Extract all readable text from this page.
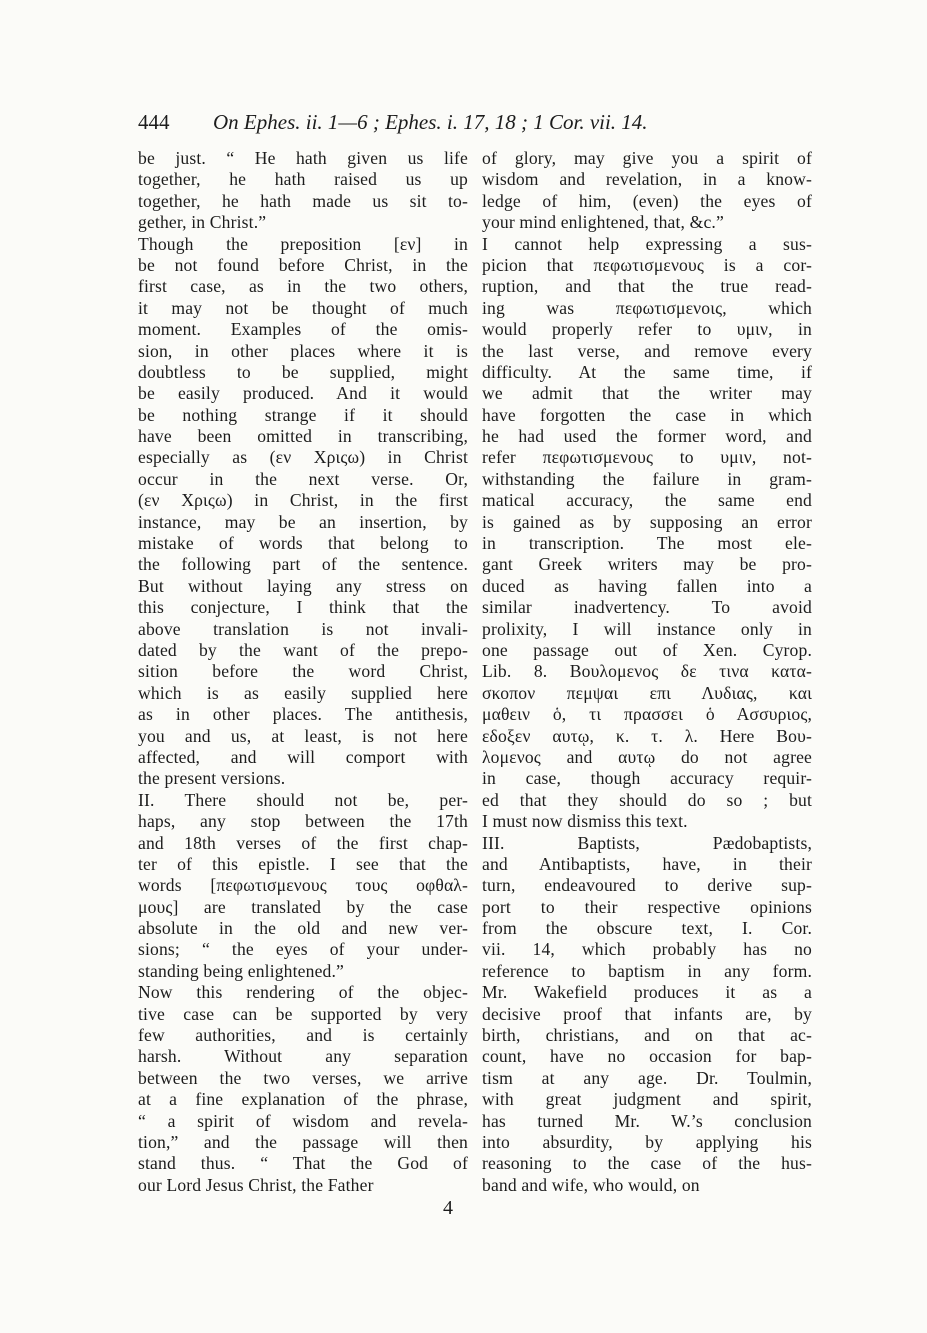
444 On Ephes. ii. 1—6 ; Ephes. i. 17, 18 ; 1 Cor. vii. 14.
be just. “ He hath given us life
together, he hath raised us up
together, he hath made us sit to-
gether, in Christ.”
Though the preposition [εν] in
be not found before Christ, in the
first case, as in the two others,
it may not be thought of much
moment. Examples of the omis-
sion, in other places where it is
doubtless to be supplied, might
be easily produced. And it would
be nothing strange if it should
have been omitted in transcribing,
especially as (εν Χριςω) in Christ
occur in the next verse. Or,
(εν Χριςω) in Christ, in the first
instance, may be an insertion, by
mistake of words that belong to
the following part of the sentence.
But without laying any stress on
this conjecture, I think that the
above translation is not invali-
dated by the want of the prepo-
sition before the word Christ,
which is as easily supplied here
as in other places. The antithesis,
you and us, at least, is not here
affected, and will comport with
the present versions.
II. There should not be, per-
haps, any stop between the 17th
and 18th verses of the first chap-
ter of this epistle. I see that the
words [πεφωτισμενους τους οφθαλ-
μους] are translated by the case
absolute in the old and new ver-
sions; “ the eyes of your under-
standing being enlightened.”
Now this rendering of the objec-
tive case can be supported by very
few authorities, and is certainly
harsh. Without any separation
between the two verses, we arrive
at a fine explanation of the phrase,
“ a spirit of wisdom and revela-
tion,” and the passage will then
stand thus. “ That the God of
our Lord Jesus Christ, the Father
of glory, may give you a spirit of
wisdom and revelation, in a know-
ledge of him, (even) the eyes of
your mind enlightened, that, &c.”
I cannot help expressing a sus-
picion that πεφωτισμενους is a cor-
ruption, and that the true read-
ing was πεφωτισμενοις, which
would properly refer to υμιν, in
the last verse, and remove every
difficulty. At the same time, if
we admit that the writer may
have forgotten the case in which
he had used the former word, and
refer πεφωτισμενους to υμιν, not-
withstanding the failure in gram-
matical accuracy, the same end
is gained as by supposing an error
in transcription. The most ele-
gant Greek writers may be pro-
duced as having fallen into a
similar inadvertency. To avoid
prolixity, I will instance only in
one passage out of Xen. Cyrop.
Lib. 8. Βουλομενος δε τινα κατα-
σκοπον πεμψαι επι Λυδιας, και
μαθειν ὁ, τι πρασσει ὁ Ασσυριος,
εδοξεν αυτῳ, κ. τ. λ. Here Βου-
λομενος and αυτῳ do not agree
in case, though accuracy requir-
ed that they should do so ; but
I must now dismiss this text.
III. Baptists, Pædobaptists,
and Antibaptists, have, in their
turn, endeavoured to derive sup-
port to their respective opinions
from the obscure text, I. Cor.
vii. 14, which probably has no
reference to baptism in any form.
Mr. Wakefield produces it as a
decisive proof that infants are, by
birth, christians, and on that ac-
count, have no occasion for bap-
tism at any age. Dr. Toulmin,
with great judgment and spirit,
has turned Mr. W.’s conclusion
into absurdity, by applying his
reasoning to the case of the hus-
band and wife, who would, on
4
